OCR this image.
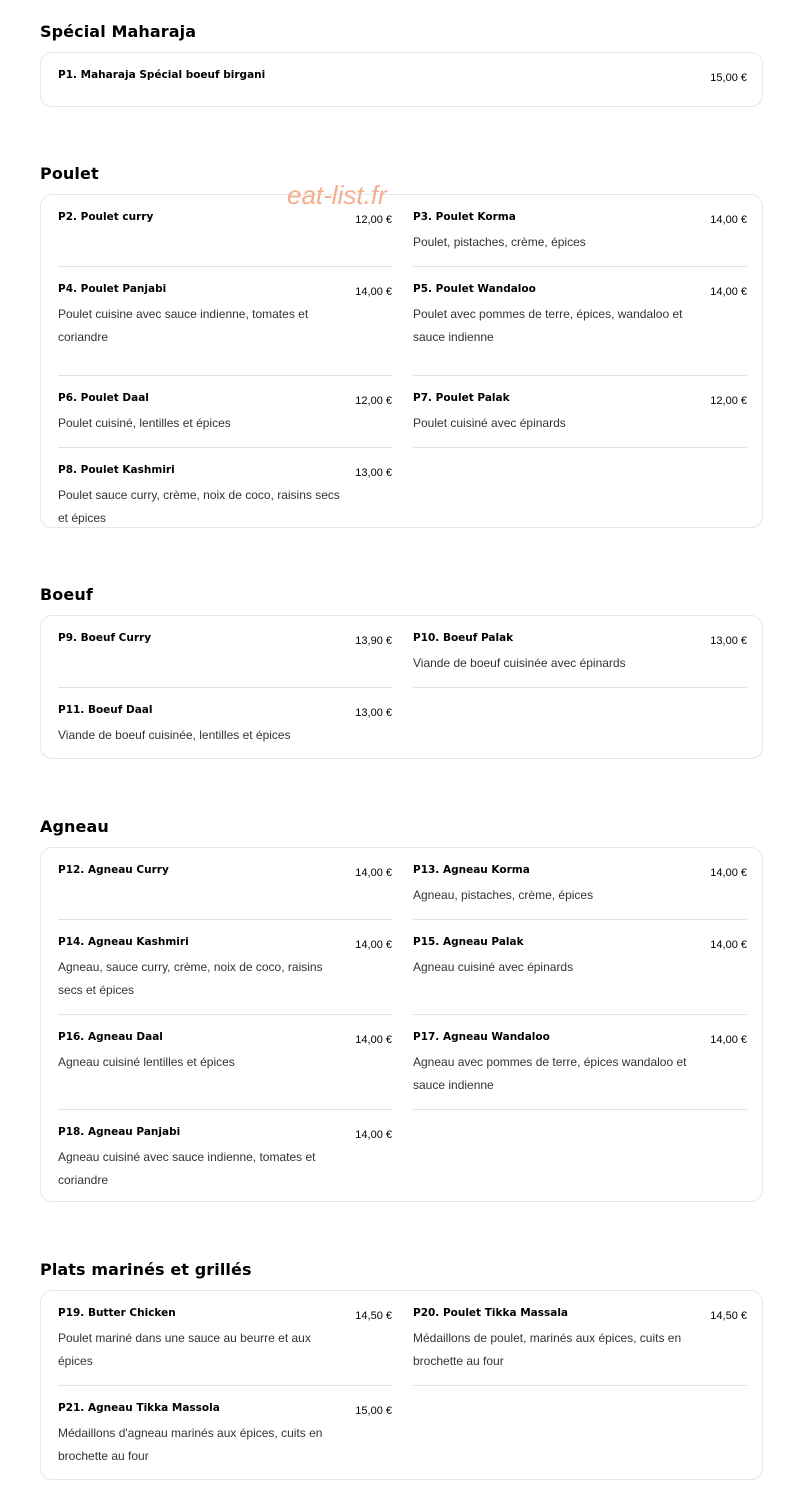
Spécial Maharaja
P1. Maharaja Spécial boeuf birgani	15,00 €
Poulet
P2. Poulet curry	12,00 €
P4. Poulet Panjabi	14,00 €
Poulet cuisine avec sauce indienne, tomates et coriandre
P6. Poulet Daal	12,00 €
Poulet cuisiné, lentilles et épices
P8. Poulet Kashmiri	13,00 €
Poulet sauce curry, crème, noix de coco, raisins secs et épices
P3. Poulet Korma	14,00 €
Poulet, pistaches, crème, épices
P5. Poulet Wandaloo	14,00 €
Poulet avec pommes de terre, épices, wandaloo et sauce indienne
P7. Poulet Palak	12,00 €
Poulet cuisiné avec épinards
Boeuf
P9. Boeuf Curry	13,90 €
P11. Boeuf Daal	13,00 €
Viande de boeuf cuisinée, lentilles et épices
P10. Boeuf Palak	13,00 €
Viande de boeuf cuisinée avec épinards
Agneau
P12. Agneau Curry	14,00 €
P14. Agneau Kashmiri	14,00 €
Agneau, sauce curry, crème, noix de coco, raisins secs et épices
P16. Agneau Daal	14,00 €
Agneau cuisiné lentilles et épices
P18. Agneau Panjabi	14,00 €
Agneau cuisiné avec sauce indienne, tomates et coriandre
P13. Agneau Korma	14,00 €
Agneau, pistaches, crème, épices
P15. Agneau Palak	14,00 €
Agneau cuisiné avec épinards
P17. Agneau Wandaloo	14,00 €
Agneau avec pommes de terre, épices wandaloo et sauce indienne
Plats marinés et grillés
P19. Butter Chicken	14,50 €
Poulet mariné dans une sauce au beurre et aux épices
P21. Agneau Tikka Massola	15,00 €
Médaillons d'agneau marinés aux épices, cuits en brochette au four
P20. Poulet Tikka Massala	14,50 €
Médaillons de poulet, marinés aux épices, cuits en brochette au four
eat-list.fr
